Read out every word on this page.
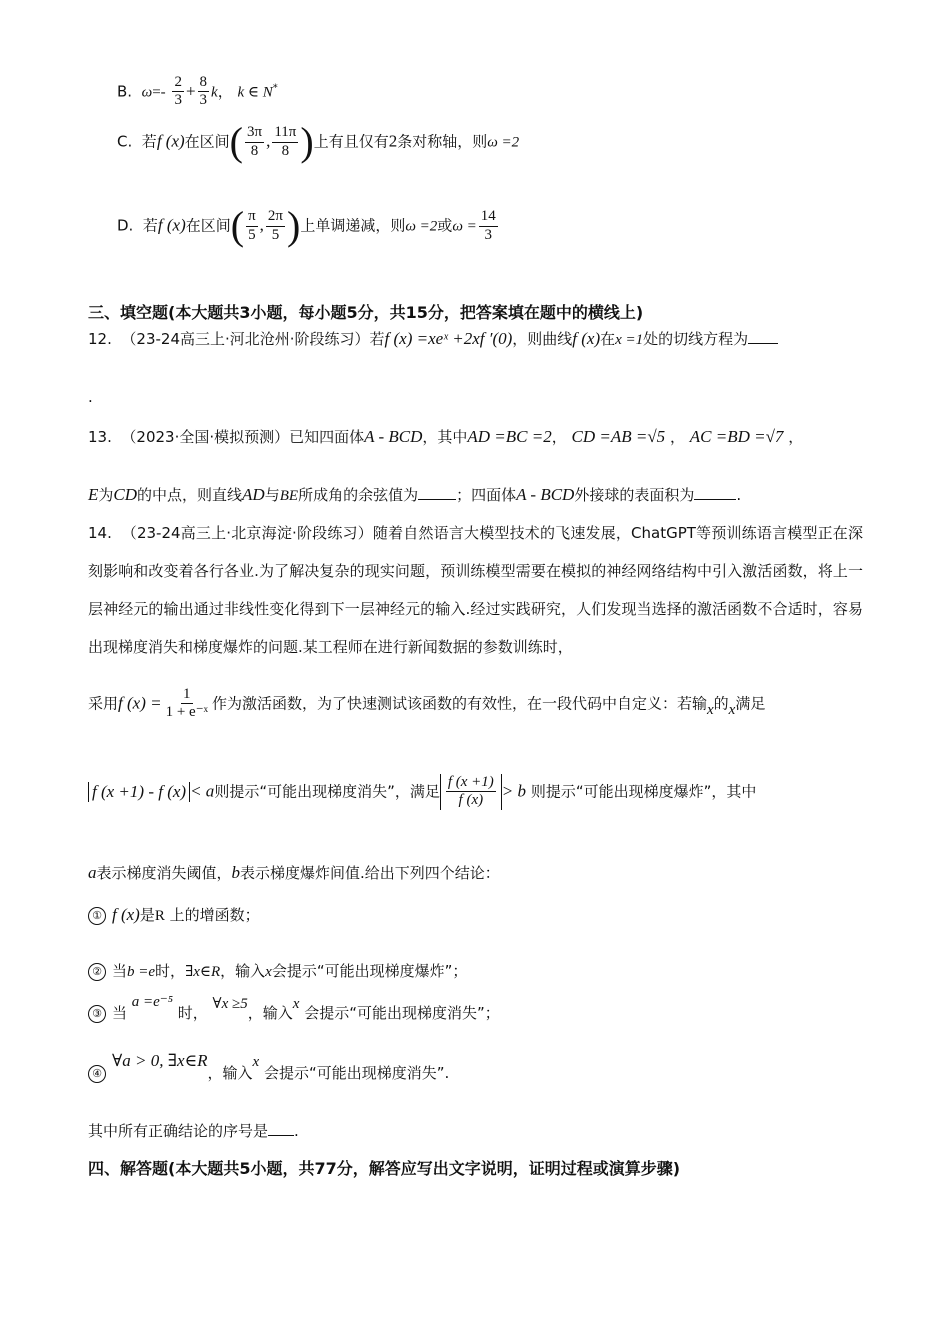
B. $\omega=- \frac{2}{3} + \frac{8}{3}$ k， k ∈ N*
C. 若f (x)在区间( $\frac{3\pi}{8}$ , $\frac{11\pi}{8}$ )上有且仅有2条对称轴，则ω =2
D. 若f (x)在区间( $\frac{\pi}{5}$ , $\frac{2\pi}{5}$ )上单调递减，则ω =2或$\omega = \frac{14}{3}$
三、填空题(本大题共3小题，每小题5分，共15分，把答案填在题中的横线上)
12. （23-24高三上·河北沧州·阶段练习）若f (x) =xeˣ +2xf ′(0)，则曲线f (x)在x =1处的切线方程为
.
13. （2023·全国·模拟预测）已知四面体A - BCD，其中AD =BC =2， CD =AB =√5 ， AC =BD =√7 ，
E为CD的中点，则直线AD与BE所成角的余弦值为	；四面体A - BCD外接球的表面积为	.
14. （23-24高三上·北京海淀·阶段练习）随着自然语言大模型技术的飞速发展，ChatGPT等预训练语言模型正在深刻影响和改变着各行各业.为了解决复杂的现实问题，预训练模型需要在模拟的神经网络结构中引入激活函数，将上一层神经元的输出通过非线性变化得到下一层神经元的输入.经过实践研究，人们发现当选择的激活函数不合适时，容易出现梯度消失和梯度爆炸的问题.某工程师在进行新闻数据的参数训练时，
采用f $(x) = \frac{1}{\text{1 + e⁻ˣ}}$ 作为激活函数，为了快速测试该函数的有效性，在一段代码中自定义：若输x的x满足
f (x +1) - f (x) < a则提示“可能出现梯度消失”，满足 $\frac{f (x +1)}{f (x)} > b$ 则提示“可能出现梯度爆炸”，其中
a表示梯度消失阈值，b表示梯度爆炸间值.给出下列四个结论：
① f (x)是R 上的增函数；
② 当b =e时，∃x∈R，输入x会提示“可能出现梯度爆炸”；
③ 当 a =e⁻⁵ 时， ∀x ≥5，输入x 会提示“可能出现梯度消失”；
④∀a > 0, ∃x∈R，输入x 会提示“可能出现梯度消失”.
其中所有正确结论的序号是 .
四、解答题(本大题共5小题，共77分，解答应写出文字说明，证明过程或演算步骤)
